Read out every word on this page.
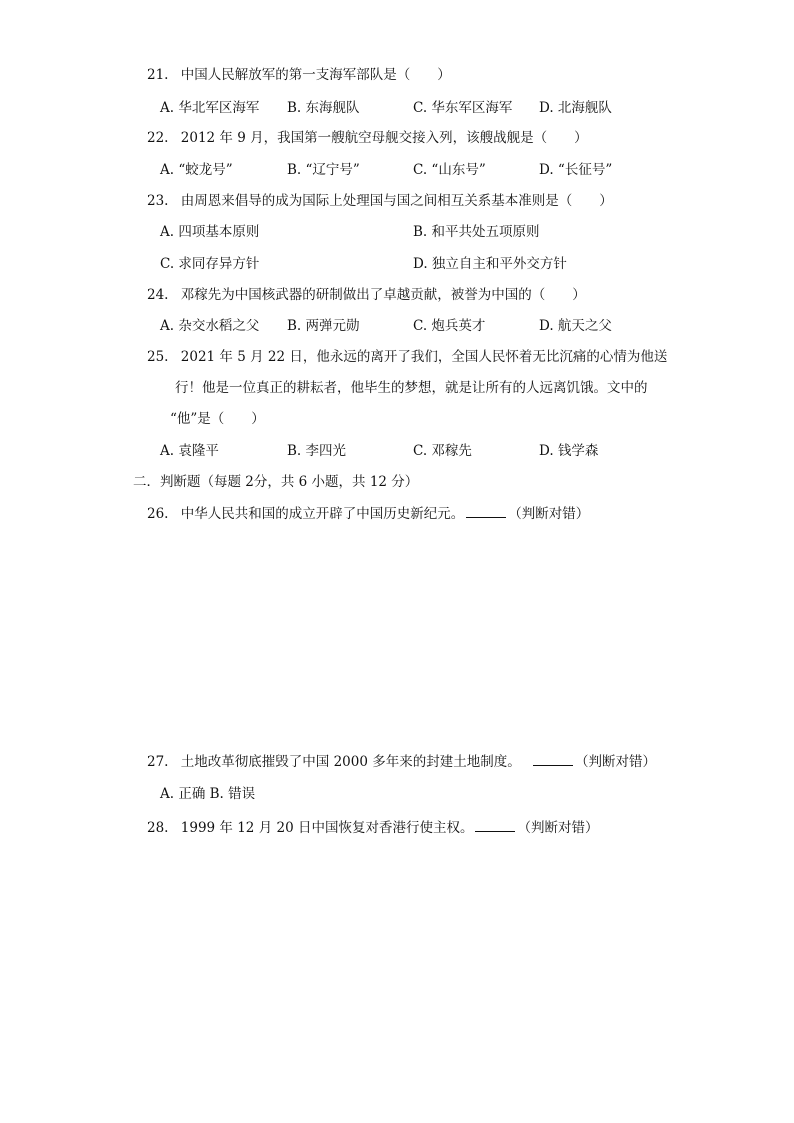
21. 中国人民解放军的第一支海军部队是（　　）
A. 华北军区海军 B. 东海舰队	C. 华东军区海军 D. 北海舰队
22. 2012 年 9 月，我国第一艘航空母舰交接入列，该艘战舰是（　　）
A. “蛟龙号”	B. “辽宁号”	C. “山东号”	D. “长征号”
23. 由周恩来倡导的成为国际上处理国与国之间相互关系基本准则是（　　）
A. 四项基本原则	B. 和平共处五项原则
C. 求同存异方针	D. 独立自主和平外交方针
24. 邓稼先为中国核武器的研制做出了卓越贡献，被誉为中国的（　　）
A. 杂交水稻之父 B. 两弹元勋	C. 炮兵英才	D. 航天之父
25. 2021 年 5 月 22 日，他永远的离开了我们，全国人民怀着无比沉痛的心情为他送
行！他是一位真正的耕耘者，他毕生的梦想，就是让所有的人远离饥饿。文中的
“他”是（　　）
A. 袁隆平	B. 李四光	C. 邓稼先	D. 钱学森
二．判断题（每题 2分，共 6 小题，共 12 分）
26. 中华人民共和国的成立开辟了中国历史新纪元。	（判断对错）
27. 土地改革彻底摧毁了中国 2000 多年来的封建土地制度。	（判断对错）
A. 正确 B. 错误
28. 1999 年 12 月 20 日中国恢复对香港行使主权。	（判断对错）
